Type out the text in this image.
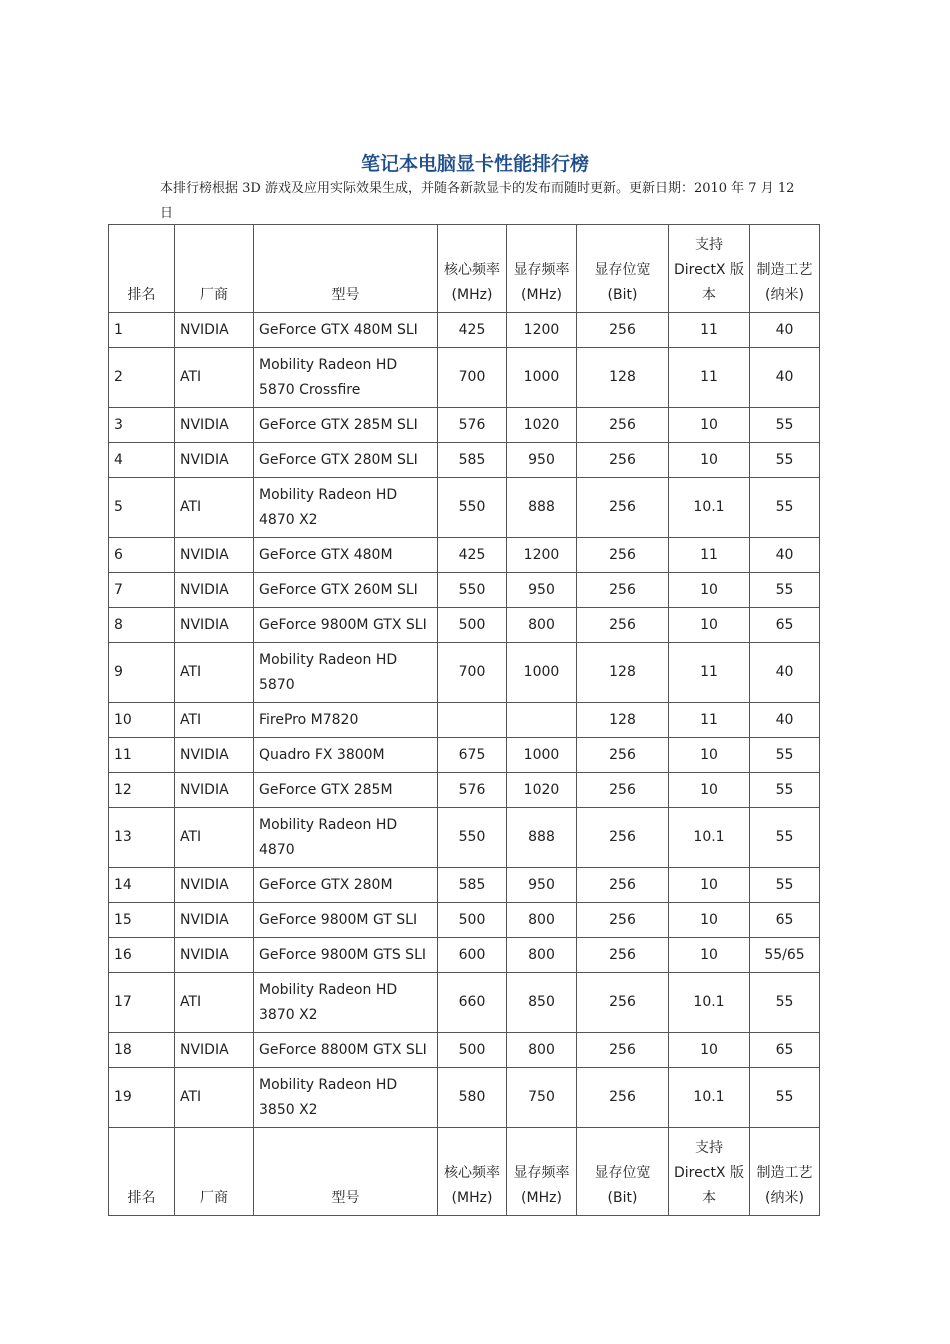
笔记本电脑显卡性能排行榜
本排行榜根据 3D 游戏及应用实际效果生成，并随各新款显卡的发布而随时更新。更新日期：2010 年 7 月 12 日
排名	厂商	型号	核心频率 (MHz)	显存频率 (MHz)	显存位宽 (Bit)	支持 DirectX 版本	制造工艺 (纳米)
1	NVIDIA	GeForce GTX 480M SLI	425	1200	256	11	40
2	ATI	Mobility Radeon HD 5870 Crossfire	700	1000	128	11	40
3	NVIDIA	GeForce GTX 285M SLI	576	1020	256	10	55
4	NVIDIA	GeForce GTX 280M SLI	585	950	256	10	55
5	ATI	Mobility Radeon HD 4870 X2	550	888	256	10.1	55
6	NVIDIA	GeForce GTX 480M	425	1200	256	11	40
7	NVIDIA	GeForce GTX 260M SLI	550	950	256	10	55
8	NVIDIA	GeForce 9800M GTX SLI	500	800	256	10	65
9	ATI	Mobility Radeon HD 5870	700	1000	128	11	40
10	ATI	FirePro M7820			128	11	40
11	NVIDIA	Quadro FX 3800M	675	1000	256	10	55
12	NVIDIA	GeForce GTX 285M	576	1020	256	10	55
13	ATI	Mobility Radeon HD 4870	550	888	256	10.1	55
14	NVIDIA	GeForce GTX 280M	585	950	256	10	55
15	NVIDIA	GeForce 9800M GT SLI	500	800	256	10	65
16	NVIDIA	GeForce 9800M GTS SLI	600	800	256	10	55/65
17	ATI	Mobility Radeon HD 3870 X2	660	850	256	10.1	55
18	NVIDIA	GeForce 8800M GTX SLI	500	800	256	10	65
19	ATI	Mobility Radeon HD 3850 X2	580	750	256	10.1	55
排名	厂商	型号	核心频率 (MHz)	显存频率 (MHz)	显存位宽 (Bit)	支持 DirectX 版本	制造工艺 (纳米)
